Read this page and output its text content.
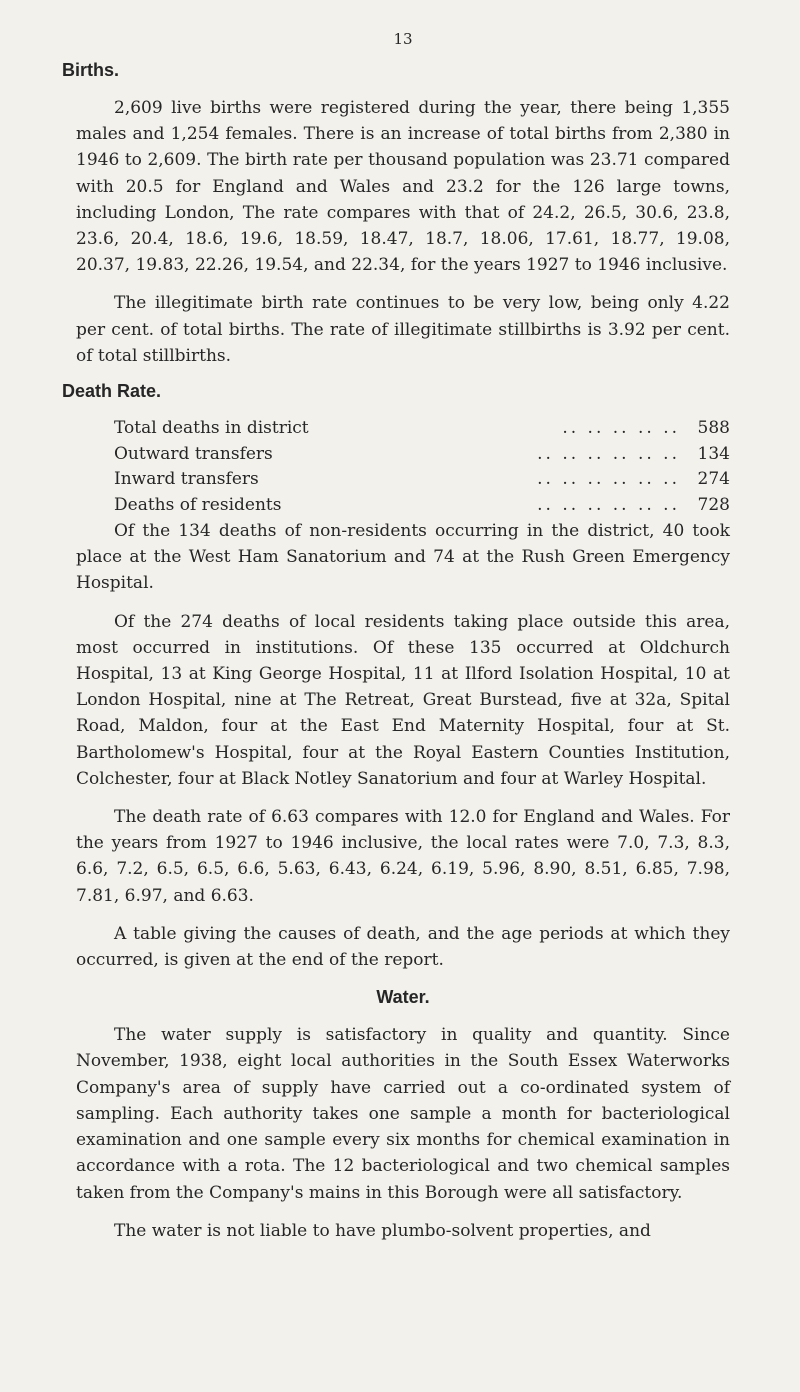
13
Births.

2,609 live births were registered during the year, there being 1,355 males and 1,254 females. There is an increase of total births from 2,380 in 1946 to 2,609. The birth rate per thousand population was 23.71 compared with 20.5 for England and Wales and 23.2 for the 126 large towns, including London, The rate compares with that of 24.2, 26.5, 30.6, 23.8, 23.6, 20.4, 18.6, 19.6, 18.59, 18.47, 18.7, 18.06, 17.61, 18.77, 19.08, 20.37, 19.83, 22.26, 19.54, and 22.34, for the years 1927 to 1946 inclusive.

The illegitimate birth rate continues to be very low, being only 4.22 per cent. of total births. The rate of illegitimate stillbirths is 3.92 per cent. of total stillbirths.

Death Rate.
Total deaths in district	.. .. .. .. ..	588
Outward transfers	.. .. .. .. .. ..	134
Inward transfers	.. .. .. .. .. ..	274
Deaths of residents	.. .. .. .. .. ..	728

Of the 134 deaths of non-residents occurring in the district, 40 took place at the West Ham Sanatorium and 74 at the Rush Green Emergency Hospital.

Of the 274 deaths of local residents taking place outside this area, most occurred in institutions. Of these 135 occurred at Oldchurch Hospital, 13 at King George Hospital, 11 at Ilford Isolation Hospital, 10 at London Hospital, nine at The Retreat, Great Burstead, five at 32a, Spital Road, Maldon, four at the East End Maternity Hospital, four at St. Bartholomew's Hospital, four at the Royal Eastern Counties Institution, Colchester, four at Black Notley Sanatorium and four at Warley Hospital.

The death rate of 6.63 compares with 12.0 for England and Wales. For the years from 1927 to 1946 inclusive, the local rates were 7.0, 7.3, 8.3, 6.6, 7.2, 6.5, 6.5, 6.6, 5.63, 6.43, 6.24, 6.19, 5.96, 8.90, 8.51, 6.85, 7.98, 7.81, 6.97, and 6.63.

A table giving the causes of death, and the age periods at which they occurred, is given at the end of the report.

Water.

The water supply is satisfactory in quality and quantity. Since November, 1938, eight local authorities in the South Essex Waterworks Company's area of supply have carried out a co-ordinated system of sampling. Each authority takes one sample a month for bacteriological examination and one sample every six months for chemical examination in accordance with a rota. The 12 bacteriological and two chemical samples taken from the Company's mains in this Borough were all satisfactory.

The water is not liable to have plumbo-solvent properties, and
